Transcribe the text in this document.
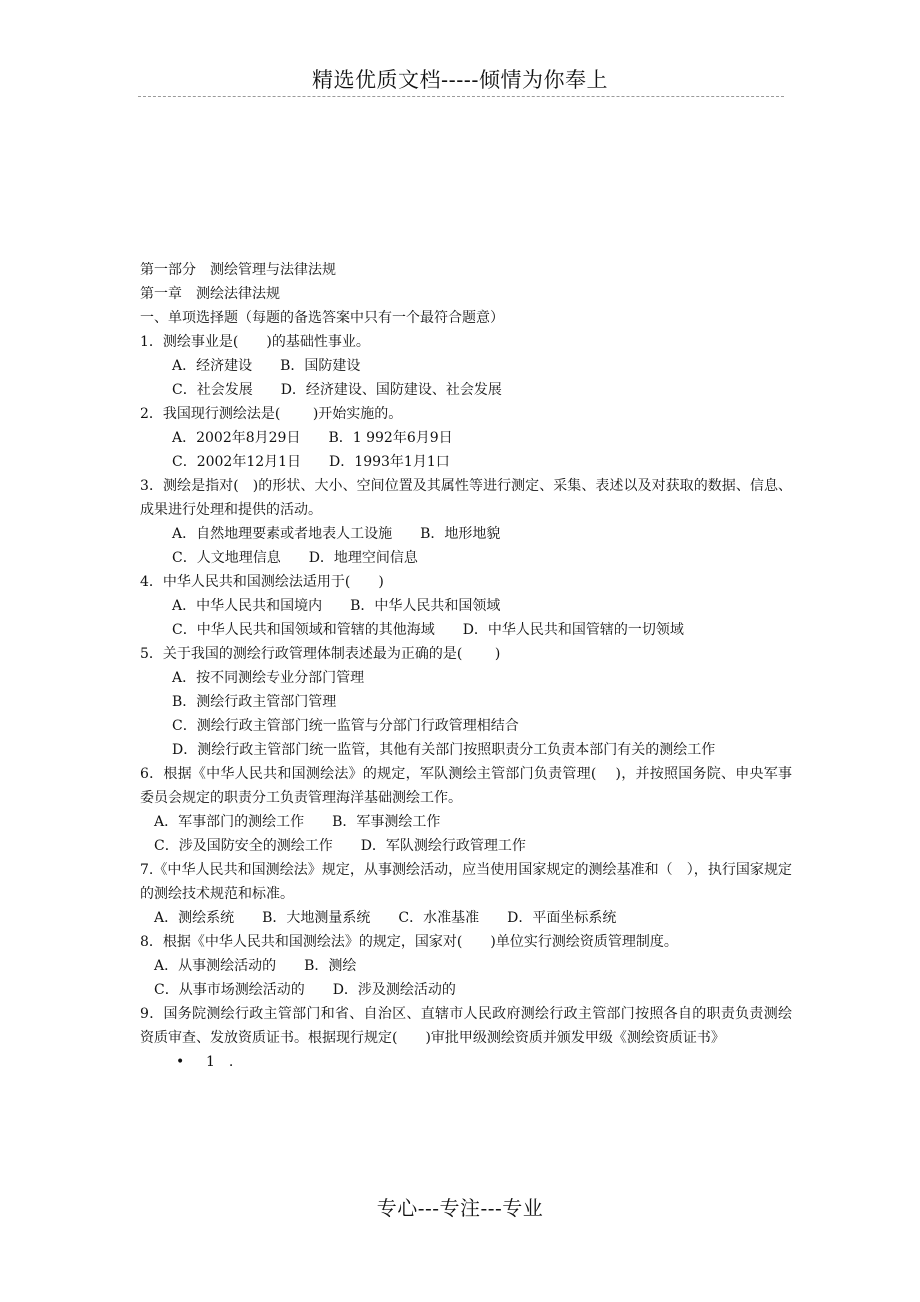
精选优质文档-----倾情为你奉上
第一部分　测绘管理与法律法规
第一章　测绘法律法规
一、单项选择题（每题的备选答案中只有一个最符合题意）
1．测绘事业是(　　)的基础性事业。
A．经济建设　　B．国防建设
C．社会发展　　D．经济建设、国防建设、社会发展
2．我国现行测绘法是(　　 )开始实施的。
A．2002年8月29日　　B．1 992年6月9日
C．2002年12月1日　　D．1993年1月1口
3．测绘是指对(　)的形状、大小、空间位置及其属性等进行测定、采集、表述以及对获取的数据、信息、成果进行处理和提供的活动。
A．自然地理要素或者地表人工设施　　B．地形地貌
C．人文地理信息　　D．地理空间信息
4．中华人民共和国测绘法适用于(　　)
A．中华人民共和国境内　　B．中华人民共和国领域
C．中华人民共和国领域和管辖的其他海域　　D．中华人民共和国管辖的一切领域
5．关于我国的测绘行政管理体制表述最为正确的是(　　 )
A．按不同测绘专业分部门管理
B．测绘行政主管部门管理
C．测绘行政主管部门统一监管与分部门行政管理相结合
D．测绘行政主管部门统一监管，其他有关部门按照职责分工负责本部门有关的测绘工作
6．根据《中华人民共和国测绘法》的规定，军队测绘主管部门负责管理(　 )，并按照国务院、申央军事委员会规定的职责分工负责管理海洋基础测绘工作。
A．军事部门的测绘工作　　B．军事测绘工作
C．涉及国防安全的测绘工作　　D．军队测绘行政管理工作
7.《中华人民共和国测绘法》规定，从事测绘活动，应当使用国家规定的测绘基准和（　），执行国家规定的测绘技术规范和标准。
A．测绘系统　　B．大地测量系统　　C．水准基准　　D．平面坐标系统
8．根据《中华人民共和国测绘法》的规定，国家对(　　)单位实行测绘资质管理制度。
A．从事测绘活动的　　B．测绘
C．从事市场测绘活动的　　D．涉及测绘活动的
9．国务院测绘行政主管部门和省、自治区、直辖市人民政府测绘行政主管部门按照各自的职责负责测绘资质审查、发放资质证书。根据现行规定(　　)审批甲级测绘资质并颁发甲级《测绘资质证书》
• 1　.
专心---专注---专业
